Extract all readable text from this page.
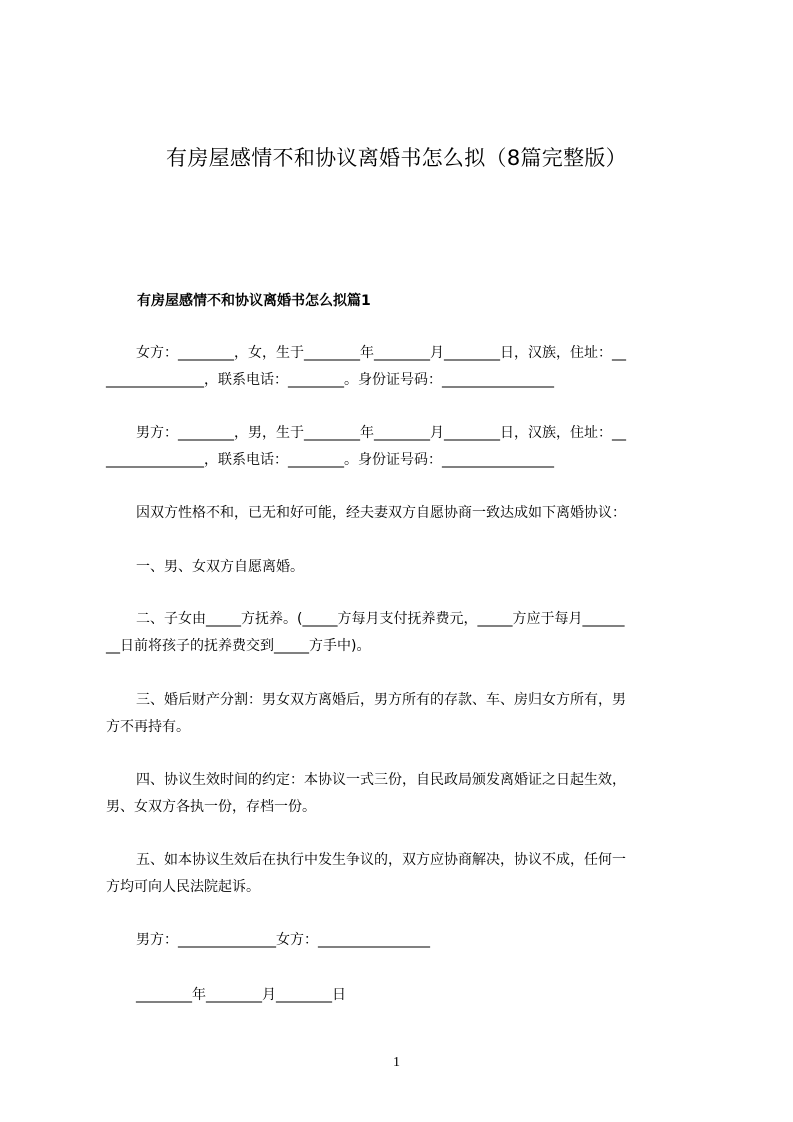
有房屋感情不和协议离婚书怎么拟（8篇完整版）
有房屋感情不和协议离婚书怎么拟篇1
女方：________，女，生于________年________月________日，汉族，住址：__
______________，联系电话：________。身份证号码：________________
男方：________，男，生于________年________月________日，汉族，住址：__
______________，联系电话：________。身份证号码：________________
因双方性格不和，已无和好可能，经夫妻双方自愿协商一致达成如下离婚协议：
一、男、女双方自愿离婚。
二、子女由_____方抚养。(_____方每月支付抚养费元，_____方应于每月______
__日前将孩子的抚养费交到_____方手中)。
三、婚后财产分割：男女双方离婚后，男方所有的存款、车、房归女方所有，男
方不再持有。
四、协议生效时间的约定：本协议一式三份，自民政局颁发离婚证之日起生效，
男、女双方各执一份，存档一份。
五、如本协议生效后在执行中发生争议的，双方应协商解决，协议不成，任何一
方均可向人民法院起诉。
男方：______________女方：________________
________年________月________日
1
